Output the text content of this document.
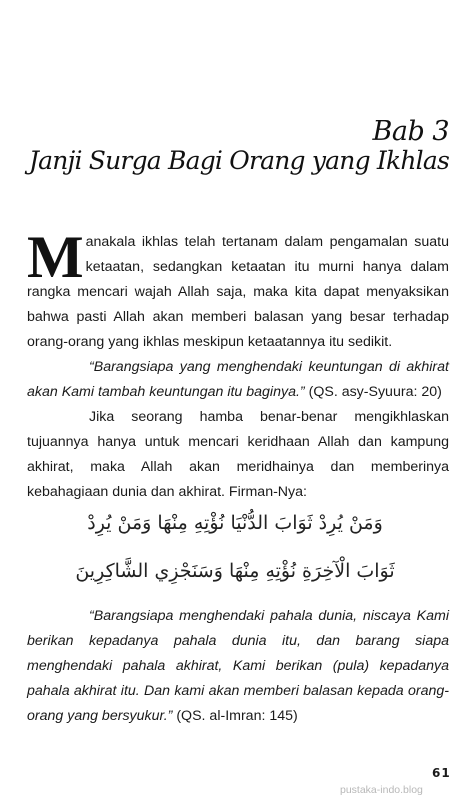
Bab 3
Janji Surga Bagi Orang yang Ikhlas

Manakala ikhlas telah tertanam dalam pengamalan suatu ketaatan, sedangkan ketaatan itu murni hanya dalam rangka mencari wajah Allah saja, maka kita dapat menyaksikan bahwa pasti Allah akan memberi balasan yang besar terhadap orang-orang yang ikhlas meskipun ketaatannya itu sedikit.

“Barangsiapa yang menghendaki keuntungan di akhirat akan Kami tambah keuntungan itu baginya.” (QS. asy-Syuura: 20)

Jika seorang hamba benar-benar mengikhlaskan tujuannya hanya untuk mencari keridhaan Allah dan kampung akhirat, maka Allah akan meridhainya dan memberinya kebahagiaan dunia dan akhirat. Firman-Nya:

وَمَنْ يُرِدْ ثَوَابَ الدُّنْيَا نُؤْتِهِ مِنْهَا وَمَنْ يُرِدْ
ثَوَابَ الْآخِرَةِ نُؤْتِهِ مِنْهَا وَسَنَجْزِي الشَّاكِرِينَ

“Barangsiapa menghendaki pahala dunia, niscaya Kami berikan kepadanya pahala dunia itu, dan barang siapa menghendaki pahala akhirat, Kami berikan (pula) kepadanya pahala akhirat itu. Dan kami akan memberi balasan kepada orang-orang yang bersyukur.” (QS. al-Imran: 145)

61
pustaka-indo.blog
